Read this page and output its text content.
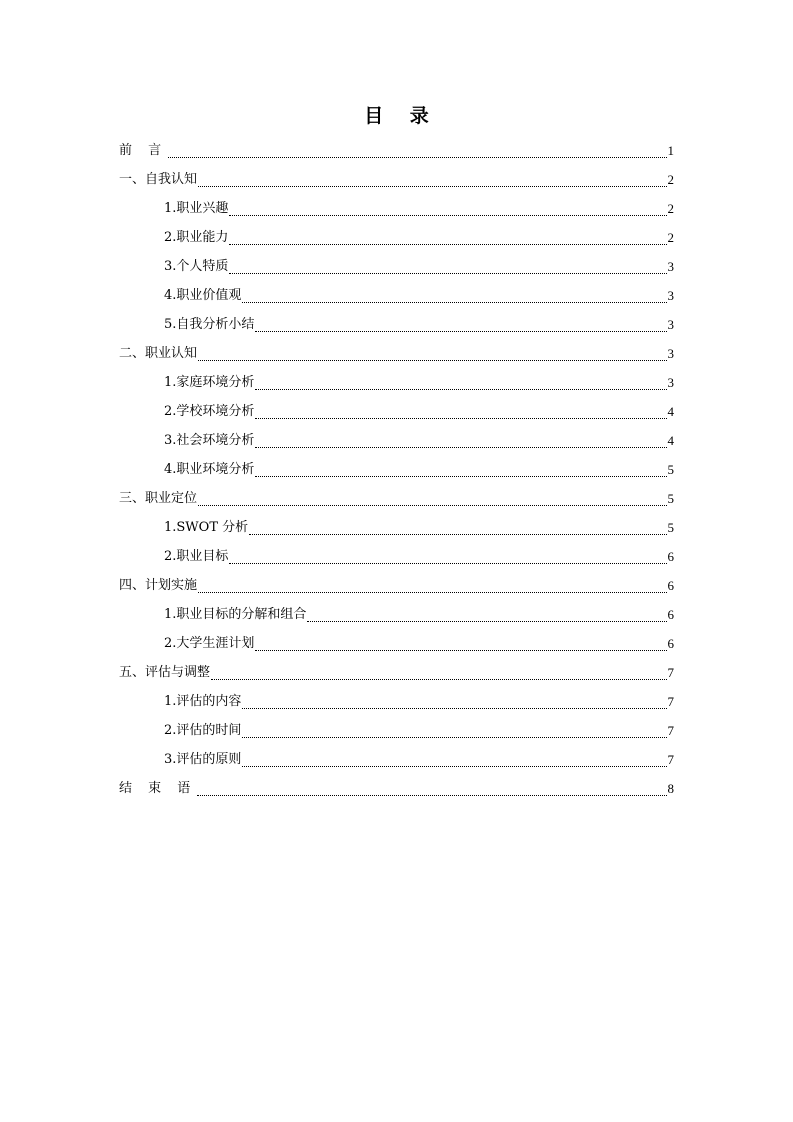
目 录
前 言	1
一、自我认知	2
1.职业兴趣	2
2.职业能力	2
3.个人特质	3
4.职业价值观	3
5.自我分析小结	3
二、职业认知	3
1.家庭环境分析	3
2.学校环境分析	4
3.社会环境分析	4
4.职业环境分析	5
三、职业定位	5
1.SWOT 分析	5
2.职业目标	6
四、计划实施	6
1.职业目标的分解和组合	6
2.大学生涯计划	6
五、评估与调整	7
1.评估的内容	7
2.评估的时间	7
3.评估的原则	7
结 束 语	8
